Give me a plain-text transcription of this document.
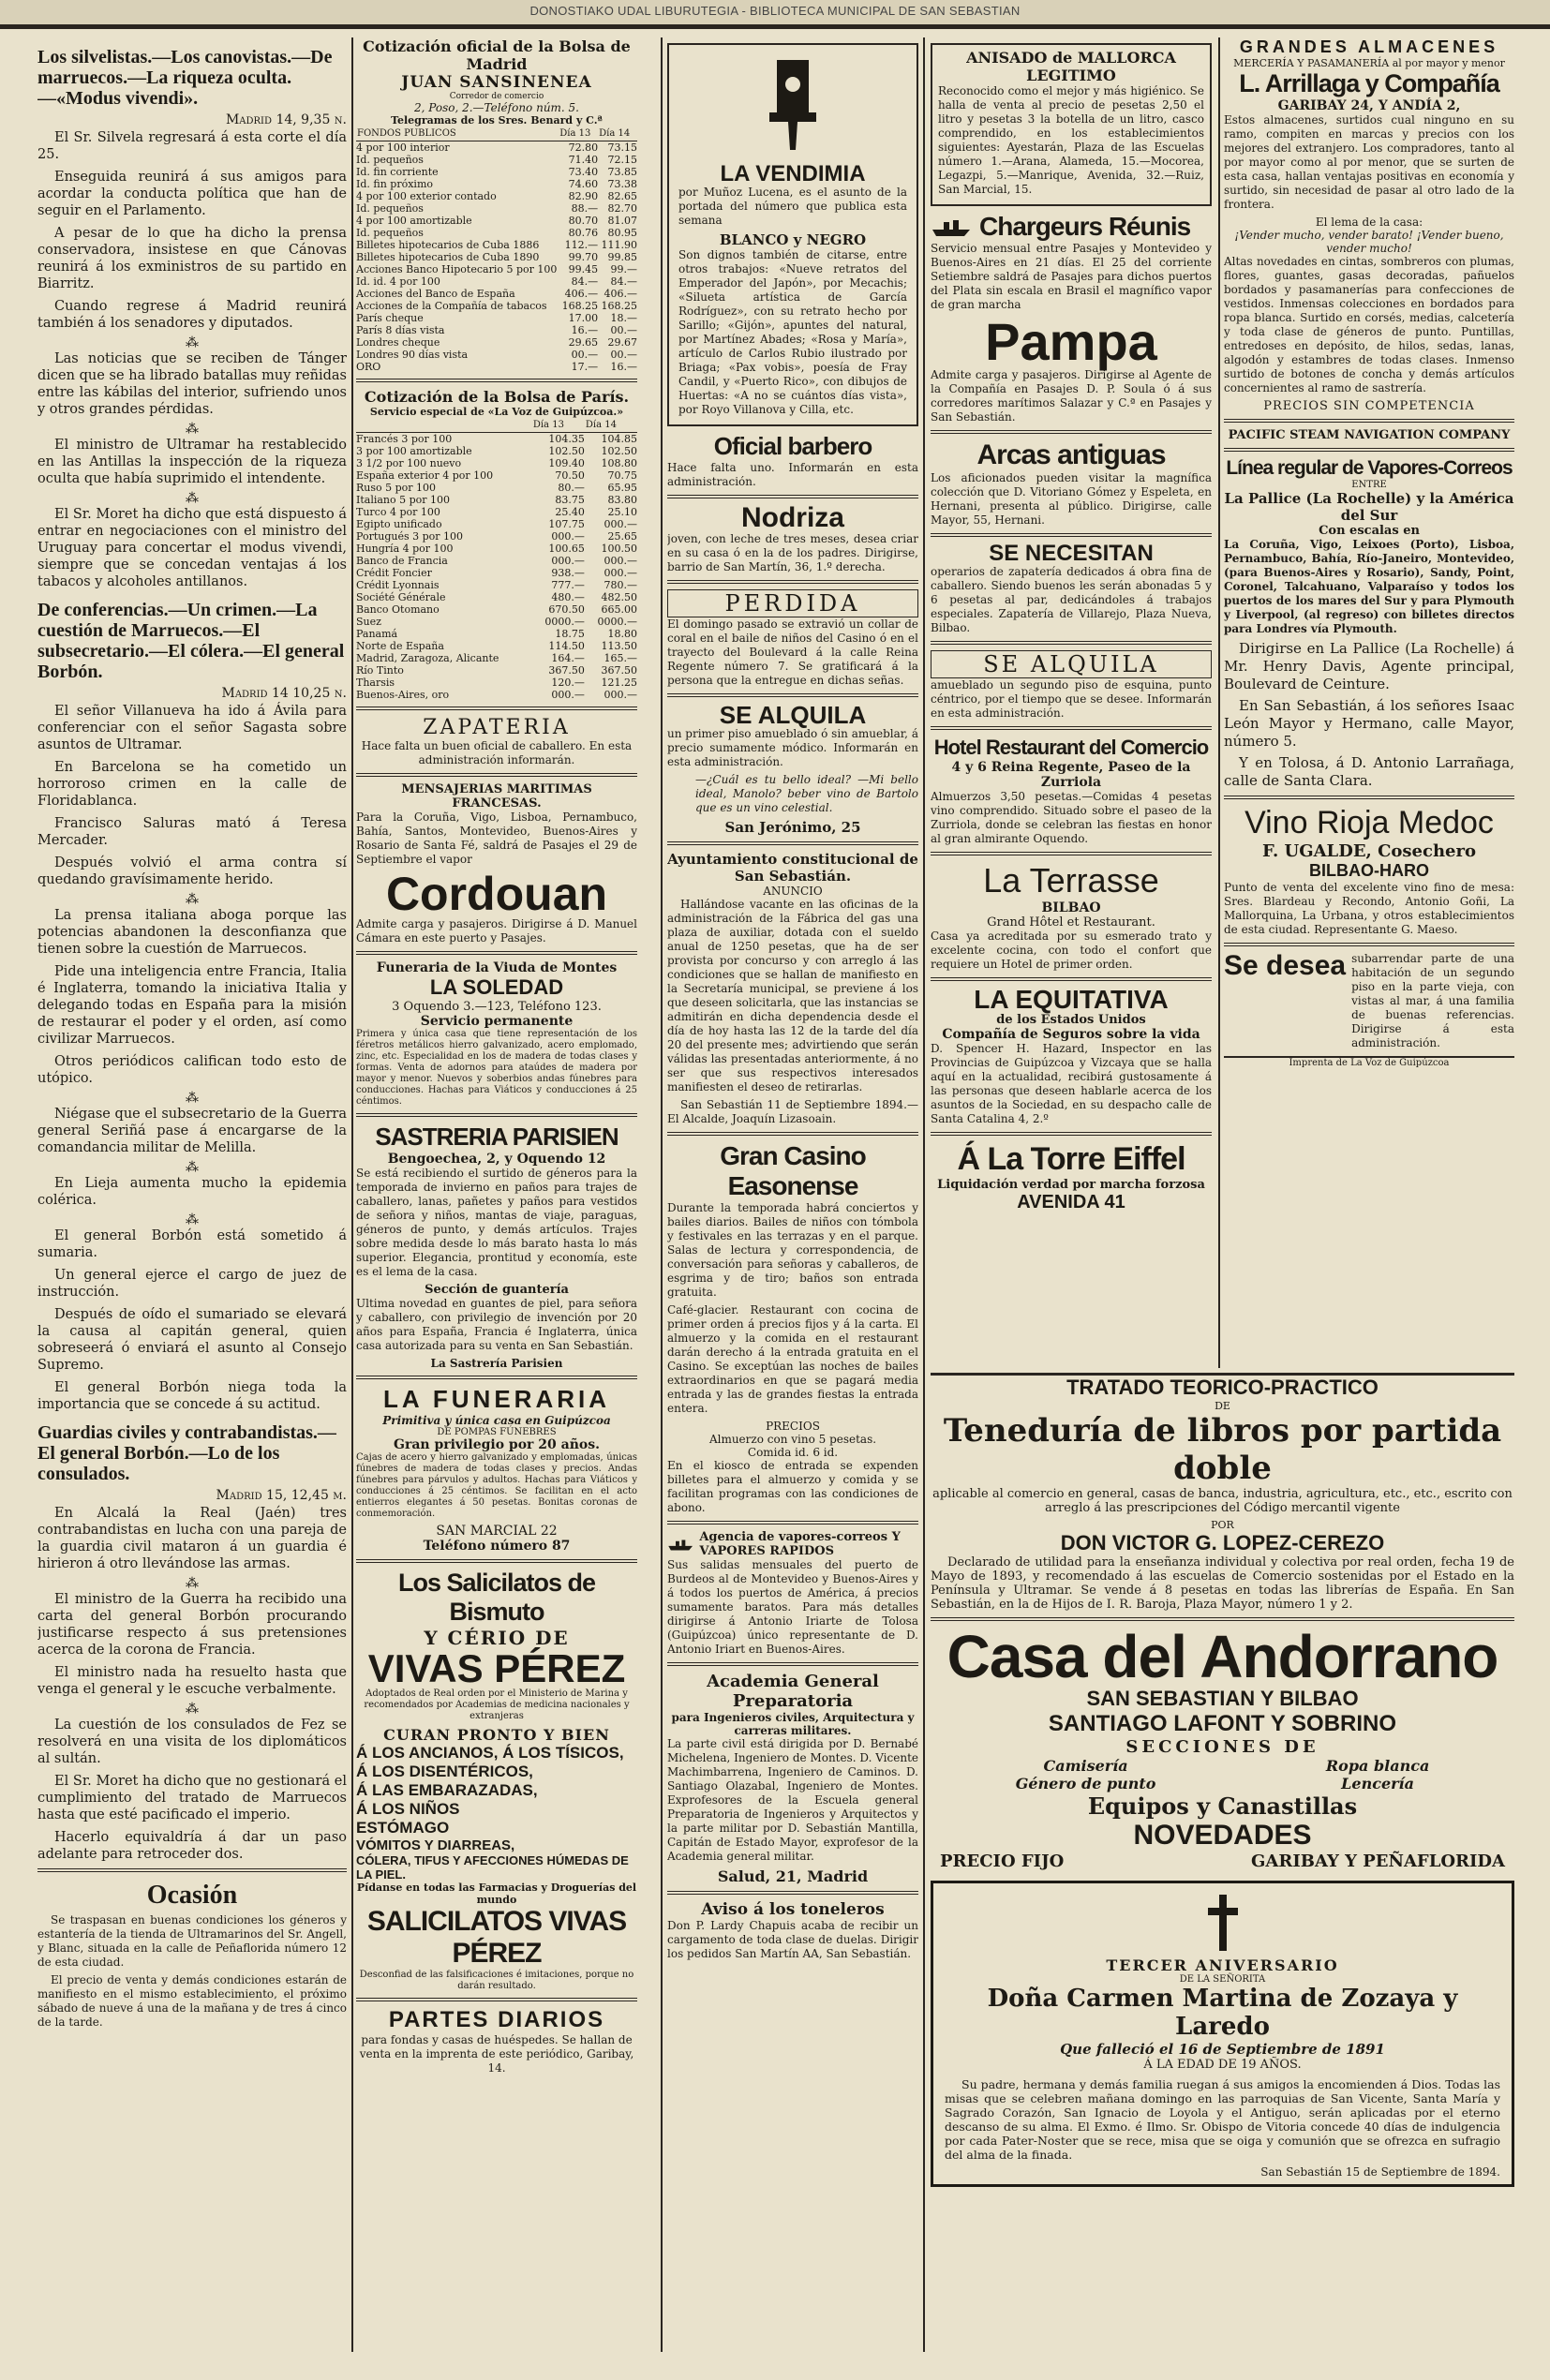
DONOSTIAKO UDAL LIBURUTEGIA - BIBLIOTECA MUNICIPAL DE SAN SEBASTIAN
Los silvelistas.—Los canovistas.—De marruecos.—La riqueza oculta.—«Modus vivendi».
Madrid 14, 9,35 n.

El Sr. Silvela regresará á esta corte el día 25.

Enseguida reunirá á sus amigos para acordar la conducta política que han de seguir en el Parlamento.

A pesar de lo que ha dicho la prensa conservadora, insistese en que Cánovas reunirá á los exministros de su partido en Biarritz.

Cuando regrese á Madrid reunirá también á los senadores y diputados.

⁂

Las noticias que se reciben de Tánger dicen que se ha librado batallas muy reñidas entre las kábilas del interior, sufriendo unos y otros grandes pérdidas.

⁂

El ministro de Ultramar ha restablecido en las Antillas la inspección de la riqueza oculta que había suprimido el intendente.

⁂

El Sr. Moret ha dicho que está dispuesto á entrar en negociaciones con el ministro del Uruguay para concertar el modus vivendi, siempre que se concedan ventajas á los tabacos y alcoholes antillanos.

De conferencias.—Un crimen.—La cuestión de Marruecos.—El subsecretario.—El cólera.—El general Borbón.
Madrid 14 10,25 n.

El señor Villanueva ha ido á Ávila para conferenciar con el señor Sagasta sobre asuntos de Ultramar.

En Barcelona se ha cometido un horroroso crimen en la calle de Floridablanca.

Francisco Saluras mató á Teresa Mercader.

Después volvió el arma contra sí quedando gravísimamente herido.

⁂

La prensa italiana aboga porque las potencias abandonen la desconfianza que tienen sobre la cuestión de Marruecos.

Pide una inteligencia entre Francia, Italia é Inglaterra, tomando la iniciativa Italia y delegando todas en España para la misión de restaurar el poder y el orden, así como civilizar Marruecos.

Otros periódicos califican todo esto de utópico.

⁂

Niégase que el subsecretario de la Guerra general Seriñá pase á encargarse de la comandancia militar de Melilla.

⁂

En Lieja aumenta mucho la epidemia colérica.

⁂

El general Borbón está sometido á sumaria.

Un general ejerce el cargo de juez de instrucción.

Después de oído el sumariado se elevará la causa al capitán general, quien sobreseerá ó enviará el asunto al Consejo Supremo.

El general Borbón niega toda la importancia que se concede á su actitud.

Guardias civiles y contrabandistas.—El general Borbón.—Lo de los consulados.
Madrid 15, 12,45 m.

En Alcalá la Real (Jaén) tres contrabandistas en lucha con una pareja de la guardia civil mataron á un guardia é hirieron á otro llevándose las armas.

⁂

El ministro de la Guerra ha recibido una carta del general Borbón procurando justificarse respecto á sus pretensiones acerca de la corona de Francia.

El ministro nada ha resuelto hasta que venga el general y le escuche verbalmente.

⁂

La cuestión de los consulados de Fez se resolverá en una visita de los diplomáticos al sultán.

El Sr. Moret ha dicho que no gestionará el cumplimiento del tratado de Marruecos hasta que esté pacificado el imperio.

Hacerlo equivaldría á dar un paso adelante para retroceder dos.

Ocasión

Se traspasan en buenas condiciones los géneros y estantería de la tienda de Ultramarinos del Sr. Angell, y Blanc, situada en la calle de Peñaflorida número 12 de esta ciudad.

El precio de venta y demás condiciones estarán de manifiesto en el mismo establecimiento, el próximo sábado de nueve á una de la mañana y de tres á cinco de la tarde.

Cotización oficial de la Bolsa de Madrid
JUAN SANSINENEA
Corredor de comercio
2, Poso, 2.—Teléfono núm. 5.
Telegramas de los Sres. Benard y C.ª
FONDOS PUBLICOS	Día 13	Día 14
4 por 100 interior	72.80	73.15
Id. pequeños	71.40	72.15
Id. fin corriente	73.40	73.85
Id. fin próximo	74.60	73.38
4 por 100 exterior contado	82.90	82.65
Id. pequeños	88.—	82.70
4 por 100 amortizable	80.70	81.07
Id. pequeños	80.76	80.95
Billetes hipotecarios de Cuba 1886	112.—	111.90
Billetes hipotecarios de Cuba 1890	99.70	99.85
Acciones Banco Hipotecario 5 por 100	99.45	99.—
Id. id. 4 por 100	84.—	84.—
Acciones del Banco de España	406.—	406.—
Acciones de la Compañía de tabacos	168.25	168.25
París cheque	17.00	18.—
París 8 días vista	16.—	00.—
Londres cheque	29.65	29.67
Londres 90 días vista	00.—	00.—
ORO	17.—	16.—
Cotización de la Bolsa de París.
Servicio especial de «La Voz de Guipúzcoa.»
	Día 13	Día 14
Francés 3 por 100	104.35	104.85
3 por 100 amortizable	102.50	102.50
3 1/2 por 100 nuevo	109.40	108.80
España exterior 4 por 100	70.50	70.75
Ruso 5 por 100	80.—	65.95
Italiano 5 por 100	83.75	83.80
Turco 4 por 100	25.40	25.10
Egipto unificado	107.75	000.—
Portugués 3 por 100	000.—	25.65
Hungría 4 por 100	100.65	100.50
Banco de Francia	000.—	000.—
Crédit Foncier	938.—	000.—
Crédit Lyonnais	777.—	780.—
Société Générale	480.—	482.50
Banco Otomano	670.50	665.00
Suez	0000.—	0000.—
Panamá	18.75	18.80
Norte de España	114.50	113.50
Madrid, Zaragoza, Alicante	164.—	165.—
Río Tinto	367.50	367.50
Tharsis	120.—	121.25
Buenos-Aires, oro	000.—	000.—
ZAPATERIA

Hace falta un buen oficial de caballero. En esta administración informarán.

MENSAJERIAS MARITIMAS FRANCESAS.

Para la Coruña, Vigo, Lisboa, Pernambuco, Bahía, Santos, Montevideo, Buenos-Aires y Rosario de Santa Fé, saldrá de Pasajes el 29 de Septiembre el vapor

Cordouan

Admite carga y pasajeros. Dirigirse á D. Manuel Cámara en este puerto y Pasajes.

Funeraria de la Viuda de Montes
LA SOLEDAD
3 Oquendo 3.—123, Teléfono 123.
Servicio permanente

Primera y única casa que tiene representación de los féretros metálicos hierro galvanizado, acero emplomado, zinc, etc. Especialidad en los de madera de todas clases y formas. Venta de adornos para ataúdes de madera por mayor y menor. Nuevos y soberbios andas fúnebres para conducciones. Hachas para Viáticos y conducciones á 25 céntimos.

SASTRERIA PARISIEN
Bengoechea, 2, y Oquendo 12

Se está recibiendo el surtido de géneros para la temporada de invierno en paños para trajes de caballero, lanas, pañetes y paños para vestidos de señora y niños, mantas de viaje, paraguas, géneros de punto, y demás artículos. Trajes sobre medida desde lo más barato hasta lo más superior. Elegancia, prontitud y economía, este es el lema de la casa.

Sección de guantería

Ultima novedad en guantes de piel, para señora y caballero, con privilegio de invención por 20 años para España, Francia é Inglaterra, única casa autorizada para su venta en San Sebastián.

La Sastrería Parisien
LA FUNERARIA
Primitiva y única casa en Guipúzcoa
DE POMPAS FÚNEBRES
Gran privilegio por 20 años.

Cajas de acero y hierro galvanizado y emplomadas, únicas fúnebres de madera de todas clases y precios. Andas fúnebres para párvulos y adultos. Hachas para Viáticos y conducciones á 25 céntimos. Se facilitan en el acto entierros elegantes á 50 pesetas. Bonitas coronas de conmemoración.

SAN MARCIAL 22
Teléfono número 87
Los Salicilatos de Bismuto
Y CÉRIO DE
VIVAS PÉREZ

Adoptados de Real orden por el Ministerio de Marina y recomendados por Academias de medicina nacionales y extranjeras

CURAN PRONTO Y BIEN
Á LOS ANCIANOS, Á LOS TÍSICOS,
Á LOS DISENTÉRICOS,
Á LAS EMBARAZADAS,
Á LOS NIÑOS
ESTÓMAGO
VÓMITOS Y DIARREAS,
CÓLERA, TIFUS Y AFECCIONES HÚMEDAS DE LA PIEL.
Pídanse en todas las Farmacias y Droguerías del mundo
SALICILATOS VIVAS PÉREZ

Desconfiad de las falsificaciones é imitaciones, porque no darán resultado.

PARTES DIARIOS

para fondas y casas de huéspedes. Se hallan de venta en la imprenta de este periódico, Garibay, 14.

LA VENDIMIA

por Muñoz Lucena, es el asunto de la portada del número que publica esta semana

BLANCO y NEGRO

Son dignos también de citarse, entre otros trabajos: «Nueve retratos del Emperador del Japón», por Mecachis; «Silueta artística de García Rodríguez», con su retrato hecho por Sarillo; «Gijón», apuntes del natural, por Martínez Abades; «Rosa y María», artículo de Carlos Rubio ilustrado por Briaga; «Pax vobis», poesía de Fray Candil, y «Puerto Rico», con dibujos de Huertas: «A no se cuántos días vista», por Royo Villanova y Cilla, etc.

Oficial barbero

Hace falta uno. Informarán en esta administración.

Nodriza

joven, con leche de tres meses, desea criar en su casa ó en la de los padres. Dirigirse, barrio de San Martín, 36, 1.º derecha.

PERDIDA

El domingo pasado se extravió un collar de coral en el baile de niños del Casino ó en el trayecto del Boulevard á la calle Reina Regente número 7. Se gratificará á la persona que la entregue en dichas señas.

SE ALQUILA

un primer piso amueblado ó sin amueblar, á precio sumamente módico. Informarán en esta administración.

—¿Cuál es tu bello ideal? —Mi bello ideal, Manolo? beber vino de Bartolo que es un vino celestial.

San Jerónimo, 25
Ayuntamiento constitucional de San Sebastián.
ANUNCIO

Hallándose vacante en las oficinas de la administración de la Fábrica del gas una plaza de auxiliar, dotada con el sueldo anual de 1250 pesetas, que ha de ser provista por concurso y con arreglo á las condiciones que se hallan de manifiesto en la Secretaría municipal, se previene á los que deseen solicitarla, que las instancias se admitirán en dicha dependencia desde el día de hoy hasta las 12 de la tarde del día 20 del presente mes; advirtiendo que serán válidas las presentadas anteriormente, á no ser que sus respectivos interesados manifiesten el deseo de retirarlas.

San Sebastián 11 de Septiembre 1894.—El Alcalde, Joaquín Lizasoain.

Gran Casino Easonense

Durante la temporada habrá conciertos y bailes diarios. Bailes de niños con tómbola y festivales en las terrazas y en el parque. Salas de lectura y correspondencia, de conversación para señoras y caballeros, de esgrima y de tiro; baños son entrada gratuita.

Café-glacier. Restaurant con cocina de primer orden á precios fijos y á la carta. El almuerzo y la comida en el restaurant darán derecho á la entrada gratuita en el Casino. Se exceptúan las noches de bailes extraordinarios en que se pagará media entrada y las de grandes fiestas la entrada entera.

PRECIOS
Almuerzo con vino 5 pesetas.
Comida id. 6 id.

En el kiosco de entrada se expenden billetes para el almuerzo y comida y se facilitan programas con las condiciones de abono.

Agencia de vapores-correos Y VAPORES RAPIDOS

Sus salidas mensuales del puerto de Burdeos al de Montevideo y Buenos-Aires y á todos los puertos de América, á precios sumamente baratos. Para más detalles dirigirse á Antonio Iriarte de Tolosa (Guipúzcoa) único representante de D. Antonio Iriart en Buenos-Aires.

Academia General Preparatoria
para Ingenieros civiles, Arquitectura y carreras militares.

La parte civil está dirigida por D. Bernabé Michelena, Ingeniero de Montes. D. Vicente Machimbarrena, Ingeniero de Caminos. D. Santiago Olazabal, Ingeniero de Montes. Exprofesores de la Escuela general Preparatoria de Ingenieros y Arquitectos y la parte militar por D. Sebastián Mantilla, Capitán de Estado Mayor, exprofesor de la Academia general militar.

Salud, 21, Madrid
Aviso á los toneleros

Don P. Lardy Chapuis acaba de recibir un cargamento de toda clase de duelas. Dirigir los pedidos San Martín AA, San Sebastián.

ANISADO de MALLORCA LEGITIMO

Reconocido como el mejor y más higiénico. Se halla de venta al precio de pesetas 2,50 el litro y pesetas 3 la botella de un litro, casco comprendido, en los establecimientos siguientes: Ayestarán, Plaza de las Escuelas número 1.—Arana, Alameda, 15.—Mocorea, Legazpi, 5.—Manrique, Avenida, 32.—Ruiz, San Marcial, 15.

Chargeurs Réunis

Servicio mensual entre Pasajes y Montevideo y Buenos-Aires en 21 días. El 25 del corriente Setiembre saldrá de Pasajes para dichos puertos del Plata sin escala en Brasil el magnífico vapor de gran marcha

Pampa

Admite carga y pasajeros. Dirigirse al Agente de la Compañía en Pasajes D. P. Soula ó á sus corredores marítimos Salazar y C.ª en Pasajes y San Sebastián.

Arcas antiguas

Los aficionados pueden visitar la magnífica colección que D. Vitoriano Gómez y Espeleta, en Hernani, presenta al público. Dirigirse, calle Mayor, 55, Hernani.

SE NECESITAN

operarios de zapatería dedicados á obra fina de caballero. Siendo buenos les serán abonadas 5 y 6 pesetas al par, dedicándoles á trabajos especiales. Zapatería de Villarejo, Plaza Nueva, Bilbao.

SE ALQUILA

amueblado un segundo piso de esquina, punto céntrico, por el tiempo que se desee. Informarán en esta administración.

Hotel Restaurant del Comercio
4 y 6 Reina Regente, Paseo de la Zurriola

Almuerzos 3,50 pesetas.—Comidas 4 pesetas vino comprendido. Situado sobre el paseo de la Zurriola, donde se celebran las fiestas en honor al gran almirante Oquendo.

La Terrasse
BILBAO
Grand Hôtel et Restaurant.

Casa ya acreditada por su esmerado trato y excelente cocina, con todo el confort que requiere un Hotel de primer orden.

LA EQUITATIVA
de los Estados Unidos
Compañía de Seguros sobre la vida

D. Spencer H. Hazard, Inspector en las Provincias de Guipúzcoa y Vizcaya que se halla aquí en la actualidad, recibirá gustosamente á las personas que deseen hablarle acerca de los asuntos de la Sociedad, en su despacho calle de Santa Catalina 4, 2.º

Á La Torre Eiffel
Liquidación verdad por marcha forzosa
AVENIDA 41
GRANDES ALMACENES
MERCERÍA Y PASAMANERÍA al por mayor y menor
L. Arrillaga y Compañía
GARIBAY 24, Y ANDÍA 2,

Estos almacenes, surtidos cual ninguno en su ramo, compiten en marcas y precios con los mejores del extranjero. Los compradores, tanto al por mayor como al por menor, que se surten de esta casa, hallan ventajas positivas en economía y surtido, sin necesidad de pasar al otro lado de la frontera.

El lema de la casa:
¡Vender mucho, vender barato! ¡Vender bueno, vender mucho!

Altas novedades en cintas, sombreros con plumas, flores, guantes, gasas decoradas, pañuelos bordados y pasamanerías para confecciones de vestidos. Inmensas colecciones en bordados para ropa blanca. Surtido en corsés, medias, calcetería y toda clase de géneros de punto. Puntillas, entredoses en depósito, de hilos, sedas, lanas, algodón y estambres de todas clases. Inmenso surtido de botones de concha y demás artículos concernientes al ramo de sastrería.

PRECIOS SIN COMPETENCIA
PACIFIC STEAM NAVIGATION COMPANY
Línea regular de Vapores-Correos
ENTRE
La Pallice (La Rochelle) y la América del Sur
Con escalas en

La Coruña, Vigo, Leixoes (Porto), Lisboa, Pernambuco, Bahía, Río-Janeiro, Montevideo, (para Buenos-Aires y Rosario), Sandy, Point, Coronel, Talcahuano, Valparaíso y todos los puertos de los mares del Sur y para Plymouth y Liverpool, (al regreso) con billetes directos para Londres vía Plymouth.

Dirigirse en La Pallice (La Rochelle) á Mr. Henry Davis, Agente principal, Boulevard de Ceinture.

En San Sebastián, á los señores Isaac León Mayor y Hermano, calle Mayor, número 5.

Y en Tolosa, á D. Antonio Larrañaga, calle de Santa Clara.

Vino Rioja Medoc
F. UGALDE, Cosechero
BILBAO-HARO

Punto de venta del excelente vino fino de mesa: Sres. Blardeau y Recondo, Antonio Goñi, La Mallorquina, La Urbana, y otros establecimientos de esta ciudad. Representante G. Maeso.

Se desea subarrendar parte de una habitación de un segundo piso en la parte vieja, con vistas al mar, á una familia de buenas referencias. Dirigirse á esta administración.

Imprenta de La Voz de Guipúzcoa
TRATADO TEORICO-PRACTICO
DE
Teneduría de libros por partida doble

aplicable al comercio en general, casas de banca, industria, agricultura, etc., etc., escrito con arreglo á las prescripciones del Código mercantil vigente

POR
DON VICTOR G. LOPEZ-CEREZO

Declarado de utilidad para la enseñanza individual y colectiva por real orden, fecha 19 de Mayo de 1893, y recomendado á las escuelas de Comercio sostenidas por el Estado en la Península y Ultramar. Se vende á 8 pesetas en todas las librerías de España. En San Sebastián, en la de Hijos de I. R. Baroja, Plaza Mayor, número 1 y 2.

Casa del Andorrano
SAN SEBASTIAN Y BILBAO
SANTIAGO LAFONT Y SOBRINO
SECCIONES DE
Camisería
Género de punto
Ropa blanca
Lencería
Equipos y Canastillas
NOVEDADES
PRECIO FIJO	GARIBAY Y PEÑAFLORIDA
TERCER ANIVERSARIO
DE LA SEÑORITA
Doña Carmen Martina de Zozaya y Laredo
Que falleció el 16 de Septiembre de 1891
Á LA EDAD DE 19 AÑOS.

Su padre, hermana y demás familia ruegan á sus amigos la encomienden á Dios. Todas las misas que se celebren mañana domingo en las parroquias de San Vicente, Santa María y Sagrado Corazón, San Ignacio de Loyola y el Antiguo, serán aplicadas por el eterno descanso de su alma. El Exmo. é Ilmo. Sr. Obispo de Vitoria concede 40 días de indulgencia por cada Pater-Noster que se rece, misa que se oiga y comunión que se ofrezca en sufragio del alma de la finada.

San Sebastián 15 de Septiembre de 1894.
